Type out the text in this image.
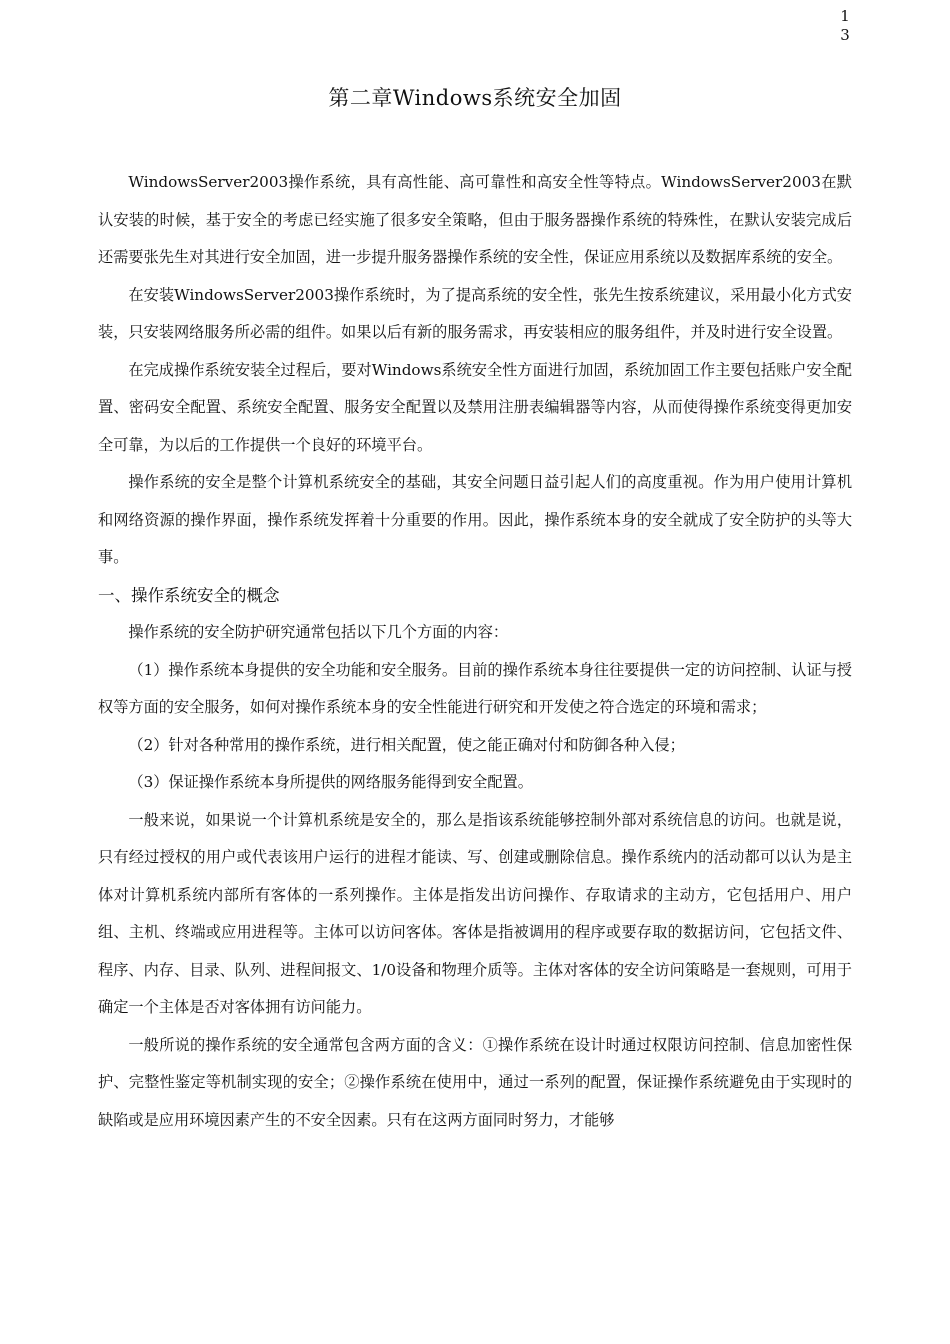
1
3
第二章Windows系统安全加固

WindowsServer2003操作系统，具有高性能、高可靠性和高安全性等特点。WindowsServer2003在默认安装的时候，基于安全的考虑已经实施了很多安全策略，但由于服务器操作系统的特殊性，在默认安装完成后还需要张先生对其进行安全加固，进一步提升服务器操作系统的安全性，保证应用系统以及数据库系统的安全。

在安装WindowsServer2003操作系统时，为了提高系统的安全性，张先生按系统建议，采用最小化方式安装，只安装网络服务所必需的组件。如果以后有新的服务需求，再安装相应的服务组件，并及时进行安全设置。

在完成操作系统安装全过程后，要对Windows系统安全性方面进行加固，系统加固工作主要包括账户安全配置、密码安全配置、系统安全配置、服务安全配置以及禁用注册表编辑器等内容，从而使得操作系统变得更加安全可靠，为以后的工作提供一个良好的环境平台。

操作系统的安全是整个计算机系统安全的基础，其安全问题日益引起人们的高度重视。作为用户使用计算机和网络资源的操作界面，操作系统发挥着十分重要的作用。因此，操作系统本身的安全就成了安全防护的头等大事。

一、操作系统安全的概念

操作系统的安全防护研究通常包括以下几个方面的内容：

（1）操作系统本身提供的安全功能和安全服务。目前的操作系统本身往往要提供一定的访问控制、认证与授权等方面的安全服务，如何对操作系统本身的安全性能进行研究和开发使之符合选定的环境和需求；

（2）针对各种常用的操作系统，进行相关配置，使之能正确对付和防御各种入侵；

（3）保证操作系统本身所提供的网络服务能得到安全配置。

一般来说，如果说一个计算机系统是安全的，那么是指该系统能够控制外部对系统信息的访问。也就是说，只有经过授权的用户或代表该用户运行的进程才能读、写、创建或删除信息。操作系统内的活动都可以认为是主体对计算机系统内部所有客体的一系列操作。主体是指发出访问操作、存取请求的主动方，它包括用户、用户组、主机、终端或应用进程等。主体可以访问客体。客体是指被调用的程序或要存取的数据访问，它包括文件、程序、内存、目录、队列、进程间报文、1/0设备和物理介质等。主体对客体的安全访问策略是一套规则，可用于确定一个主体是否对客体拥有访问能力。

一般所说的操作系统的安全通常包含两方面的含义：①操作系统在设计时通过权限访问控制、信息加密性保护、完整性鉴定等机制实现的安全；②操作系统在使用中，通过一系列的配置，保证操作系统避免由于实现时的缺陷或是应用环境因素产生的不安全因素。只有在这两方面同时努力，才能够
